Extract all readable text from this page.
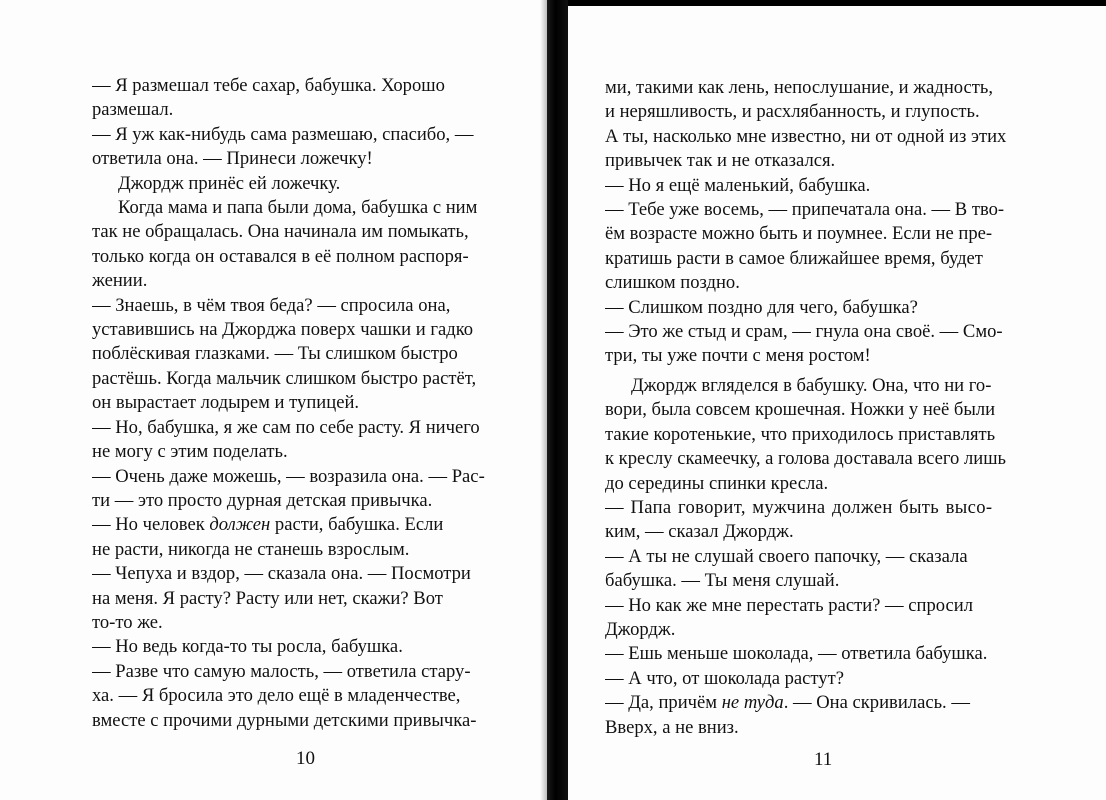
— Я размешал тебе сахар, бабушка. Хорошо
размешал.
— Я уж как-нибудь сама размешаю, спасибо, —
ответила она. — Принеси ложечку!
Джордж принёс ей ложечку.
Когда мама и папа были дома, бабушка с ним
так не обращалась. Она начинала им помыкать,
только когда он оставался в её полном распоря-
жении.
— Знаешь, в чём твоя беда? — спросила она,
уставившись на Джорджа поверх чашки и гадко
поблёскивая глазками. — Ты слишком быстро
растёшь. Когда мальчик слишком быстро растёт,
он вырастает лодырем и тупицей.
— Но, бабушка, я же сам по себе расту. Я ничего
не могу с этим поделать.
— Очень даже можешь, — возразила она. — Рас-
ти — это просто дурная детская привычка.
— Но человек должен расти, бабушка. Если
не расти, никогда не станешь взрослым.
— Чепуха и вздор, — сказала она. — Посмотри
на меня. Я расту? Расту или нет, скажи? Вот
то-то же.
— Но ведь когда-то ты росла, бабушка.
— Разве что самую малость, — ответила стару-
ха. — Я бросила это дело ещё в младенчестве,
вместе с прочими дурными детскими привычка-
10
ми, такими как лень, непослушание, и жадность,
и неряшливость, и расхлябанность, и глупость.
А ты, насколько мне известно, ни от одной из этих
привычек так и не отказался.
— Но я ещё маленький, бабушка.
— Тебе уже восемь, — припечатала она. — В тво-
ём возрасте можно быть и поумнее. Если не пре-
кратишь расти в самое ближайшее время, будет
слишком поздно.
— Слишком поздно для чего, бабушка?
— Это же стыд и срам, — гнула она своё. — Смо-
три, ты уже почти с меня ростом!
Джордж вгляделся в бабушку. Она, что ни го-
вори, была совсем крошечная. Ножки у неё были
такие коротенькие, что приходилось приставлять
к креслу скамеечку, а голова доставала всего лишь
до середины спинки кресла.
— Папа говорит, мужчина должен быть высо-
ким, — сказал Джордж.
— А ты не слушай своего папочку, — сказала
бабушка. — Ты меня слушай.
— Но как же мне перестать расти? — спросил
Джордж.
— Ешь меньше шоколада, — ответила бабушка.
— А что, от шоколада растут?
— Да, причём не туда. — Она скривилась. —
Вверх, а не вниз.
11
